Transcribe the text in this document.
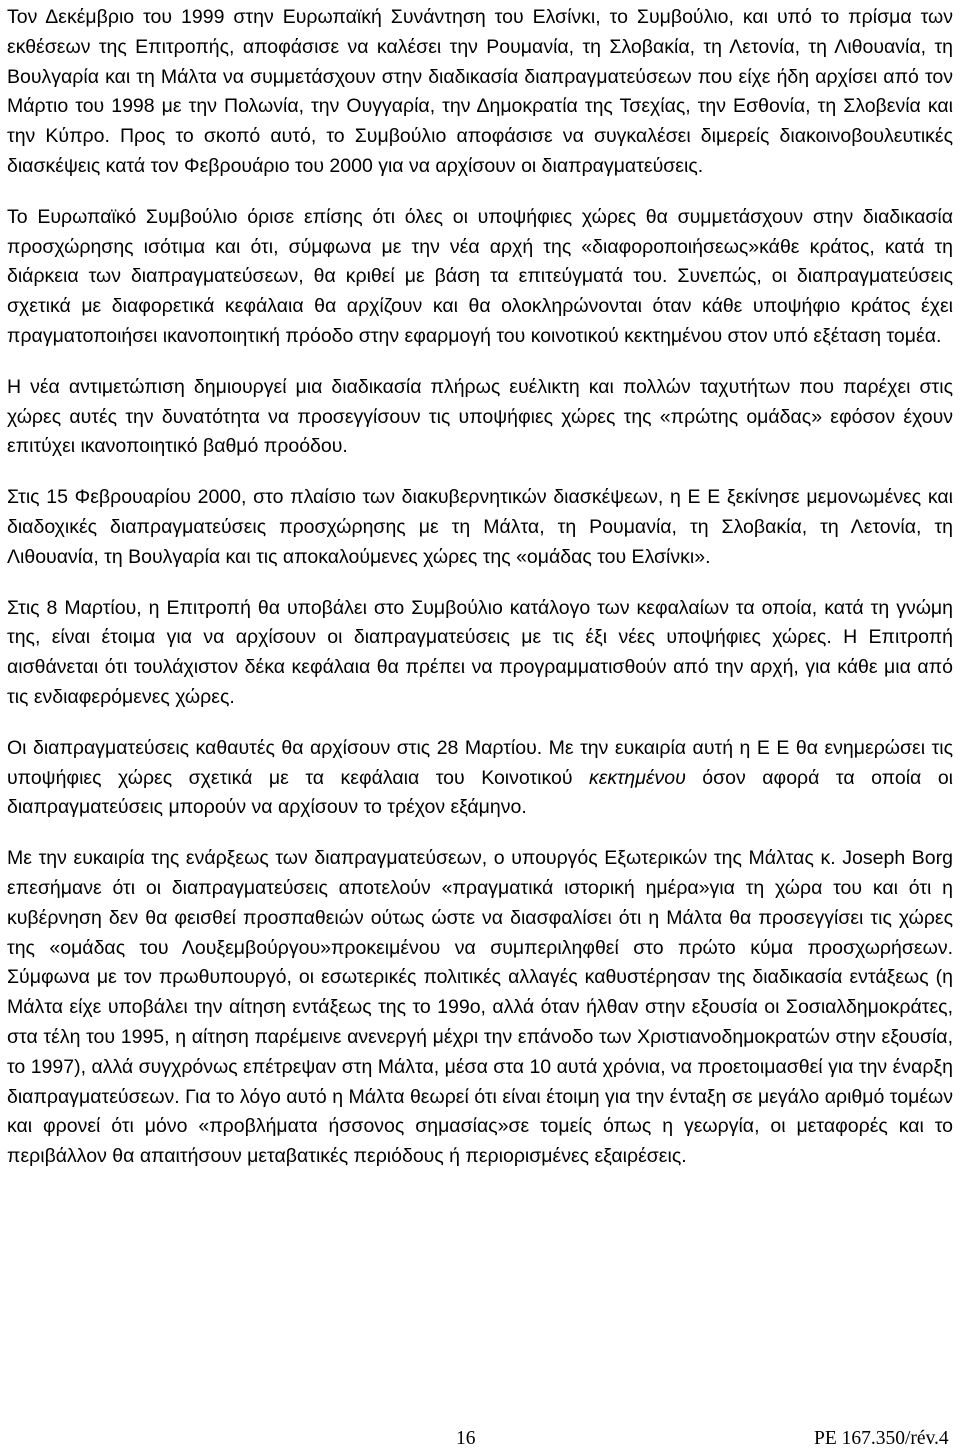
Τον Δεκέμβριο του 1999 στην Ευρωπαϊκή Συνάντηση του Ελσίνκι, το Συμβούλιο, και υπό το πρίσμα των εκθέσεων της Επιτροπής, αποφάσισε να καλέσει την Ρουμανία, τη Σλοβακία, τη Λετονία, τη Λιθουανία, τη Βουλγαρία και τη Μάλτα να συμμετάσχουν στην διαδικασία διαπραγματεύσεων που είχε ήδη αρχίσει από τον Μάρτιο του 1998 με την Πολωνία, την Ουγγαρία, την Δημοκρατία της Τσεχίας, την Εσθονία, τη Σλοβενία και την Κύπρο. Προς το σκοπό αυτό, το Συμβούλιο αποφάσισε να συγκαλέσει διμερείς διακοινοβουλευτικές διασκέψεις κατά τον Φεβρουάριο του 2000 για να αρχίσουν οι διαπραγματεύσεις.

Το Ευρωπαϊκό Συμβούλιο όρισε επίσης ότι όλες οι υποψήφιες χώρες θα συμμετάσχουν στην διαδικασία προσχώρησης ισότιμα και ότι, σύμφωνα με την νέα αρχή της «διαφοροποιήσεως»κάθε κράτος, κατά τη διάρκεια των διαπραγματεύσεων, θα κριθεί με βάση τα επιτεύγματά του. Συνεπώς, οι διαπραγματεύσεις σχετικά με διαφορετικά κεφάλαια θα αρχίζουν και θα ολοκληρώνονται όταν κάθε υποψήφιο κράτος έχει πραγματοποιήσει ικανοποιητική πρόοδο στην εφαρμογή του κοινοτικού κεκτημένου στον υπό εξέταση τομέα.

Η νέα αντιμετώπιση δημιουργεί μια διαδικασία πλήρως ευέλικτη και πολλών ταχυτήτων που παρέχει στις χώρες αυτές την δυνατότητα να προσεγγίσουν τις υποψήφιες χώρες της «πρώτης ομάδας» εφόσον έχουν επιτύχει ικανοποιητικό βαθμό προόδου.

Στις 15 Φεβρουαρίου 2000, στο πλαίσιο των διακυβερνητικών διασκέψεων, η Ε Ε ξεκίνησε μεμονωμένες και διαδοχικές διαπραγματεύσεις προσχώρησης με τη Μάλτα, τη Ρουμανία, τη Σλοβακία, τη Λετονία, τη Λιθουανία, τη Βουλγαρία και τις αποκαλούμενες χώρες της «ομάδας του Ελσίνκι».

Στις 8 Μαρτίου, η Επιτροπή θα υποβάλει στο Συμβούλιο κατάλογο των κεφαλαίων τα οποία, κατά τη γνώμη της, είναι έτοιμα για να αρχίσουν οι διαπραγματεύσεις με τις έξι νέες υποψήφιες χώρες. Η Επιτροπή αισθάνεται ότι τουλάχιστον δέκα κεφάλαια θα πρέπει να προγραμματισθούν από την αρχή, για κάθε μια από τις ενδιαφερόμενες χώρες.

Οι διαπραγματεύσεις καθαυτές θα αρχίσουν στις 28 Μαρτίου. Με την ευκαιρία αυτή η Ε Ε θα ενημερώσει τις υποψήφιες χώρες σχετικά με τα κεφάλαια του Κοινοτικού κεκτημένου όσον αφορά τα οποία οι διαπραγματεύσεις μπορούν να αρχίσουν το τρέχον εξάμηνο.

Με την ευκαιρία της ενάρξεως των διαπραγματεύσεων, ο υπουργός Εξωτερικών της Μάλτας κ. Joseph Borg επεσήμανε ότι οι διαπραγματεύσεις αποτελούν «πραγματικά ιστορική ημέρα»για τη χώρα του και ότι η κυβέρνηση δεν θα φεισθεί προσπαθειών ούτως ώστε να διασφαλίσει ότι η Μάλτα θα προσεγγίσει τις χώρες της «ομάδας του Λουξεμβούργου»προκειμένου να συμπεριληφθεί στο πρώτο κύμα προσχωρήσεων. Σύμφωνα με τον πρωθυπουργό, οι εσωτερικές πολιτικές αλλαγές καθυστέρησαν της διαδικασία εντάξεως (η Μάλτα είχε υποβάλει την αίτηση εντάξεως της το 199ο, αλλά όταν ήλθαν στην εξουσία οι Σοσιαλδημοκράτες, στα τέλη του 1995, η αίτηση παρέμεινε ανενεργή μέχρι την επάνοδο των Χριστιανοδημοκρατών στην εξουσία, το 1997), αλλά συγχρόνως επέτρεψαν στη Μάλτα, μέσα στα 10 αυτά χρόνια, να προετοιμασθεί για την έναρξη διαπραγματεύσεων. Για το λόγο αυτό η Μάλτα θεωρεί ότι είναι έτοιμη για την ένταξη σε μεγάλο αριθμό τομέων και φρονεί ότι μόνο «προβλήματα ήσσονος σημασίας»σε τομείς όπως η γεωργία, οι μεταφορές και το περιβάλλον θα απαιτήσουν μεταβατικές περιόδους ή περιορισμένες εξαιρέσεις.

16	PE 167.350/rév.4
